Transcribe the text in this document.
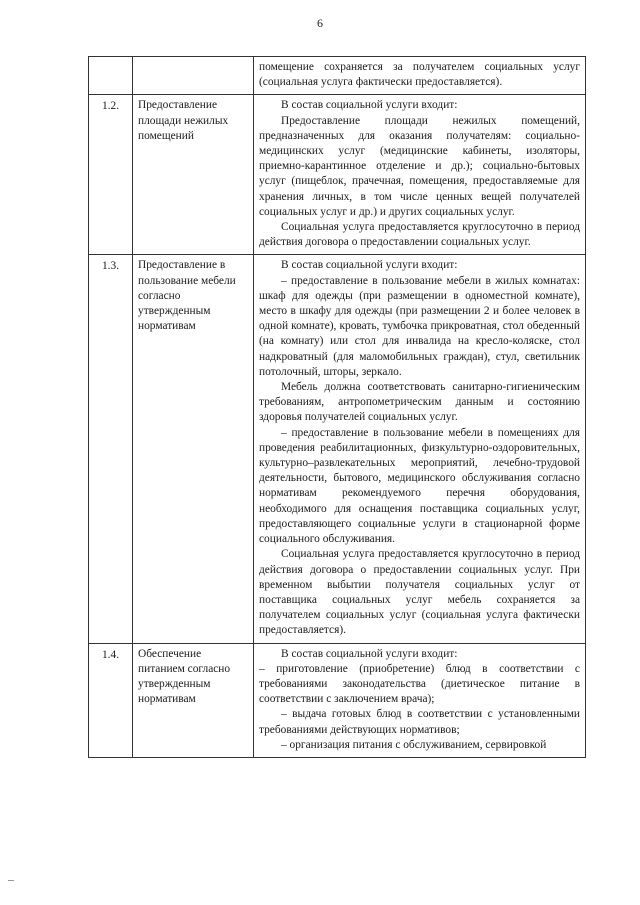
6

		помещение сохраняется за получателем социальных услуг (социальная услуга фактически предоставляется).

1.2.	Предоставление площади нежилых помещений	В состав социальной услуги входит:

Предоставление площади нежилых помещений, предназначенных для оказания получателям: социально-медицинских услуг (медицинские кабинеты, изоляторы, приемно-карантинное отделение и др.); социально-бытовых услуг (пищеблок, прачечная, помещения, предоставляемые для хранения личных, в том числе ценных вещей получателей социальных услуг и др.) и других социальных услуг.

Социальная услуга предоставляется круглосуточно в период действия договора о предоставлении социальных услуг.

1.3.	Предоставление в пользование мебели согласно утвержденным нормативам	В состав социальной услуги входит:

– предоставление в пользование мебели в жилых комнатах: шкаф для одежды (при размещении в одноместной комнате), место в шкафу для одежды (при размещении 2 и более человек в одной комнате), кровать, тумбочка прикроватная, стол обеденный (на комнату) или стол для инвалида на кресло-коляске, стол надкроватный (для маломобильных граждан), стул, светильник потолочный, шторы, зеркало.

Мебель должна соответствовать санитарно-гигиеническим требованиям, антропометрическим данным и состоянию здоровья получателей социальных услуг.

– предоставление в пользование мебели в помещениях для проведения реабилитационных, физкультурно-оздоровительных, культурно–развлекательных мероприятий, лечебно-трудовой деятельности, бытового, медицинского обслуживания согласно нормативам рекомендуемого перечня оборудования, необходимого для оснащения поставщика социальных услуг, предоставляющего социальные услуги в стационарной форме социального обслуживания.

Социальная услуга предоставляется круглосуточно в период действия договора о предоставлении социальных услуг. При временном выбытии получателя социальных услуг от поставщика социальных услуг мебель сохраняется за получателем социальных услуг (социальная услуга фактически предоставляется).

1.4.	Обеспечение питанием согласно утвержденным нормативам	В состав социальной услуги входит:

– приготовление (приобретение) блюд в соответствии с требованиями законодательства (диетическое питание в соответствии с заключением врача);

– выдача готовых блюд в соответствии с установленными требованиями действующих нормативов;

– организация питания с обслуживанием, сервировкой
